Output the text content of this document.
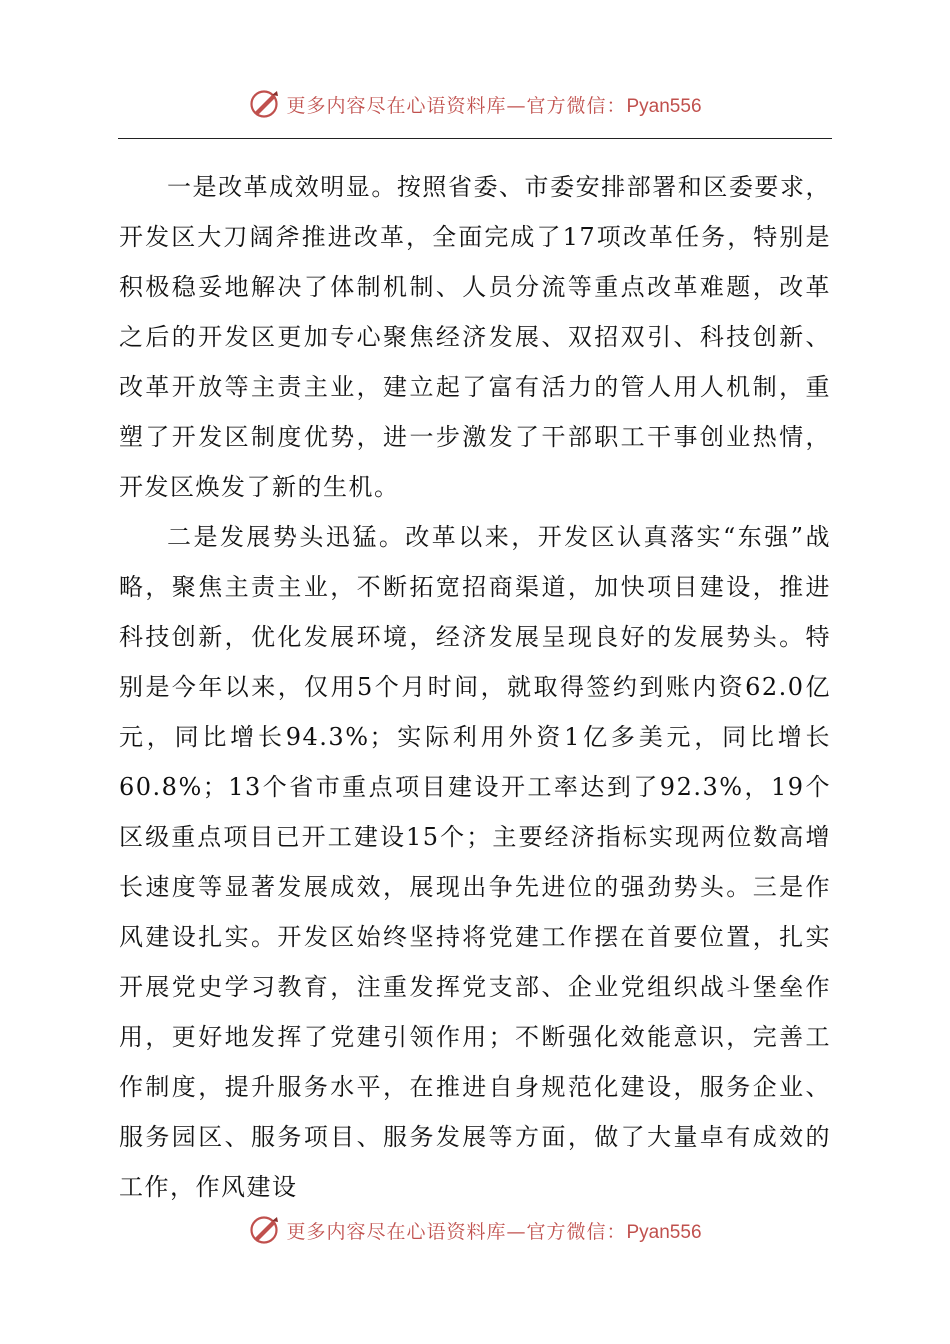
更多内容尽在心语资料库—官方微信：Pyan556

一是改革成效明显。按照省委、市委安排部署和区委要求，开发区大刀阔斧推进改革，全面完成了17项改革任务，特别是积极稳妥地解决了体制机制、人员分流等重点改革难题，改革之后的开发区更加专心聚焦经济发展、双招双引、科技创新、改革开放等主责主业，建立起了富有活力的管人用人机制，重塑了开发区制度优势，进一步激发了干部职工干事创业热情，开发区焕发了新的生机。

二是发展势头迅猛。改革以来，开发区认真落实“东强”战略，聚焦主责主业，不断拓宽招商渠道，加快项目建设，推进科技创新，优化发展环境，经济发展呈现良好的发展势头。特别是今年以来，仅用5个月时间，就取得签约到账内资62.0亿元，同比增长94.3%；实际利用外资1亿多美元，同比增长60.8%；13个省市重点项目建设开工率达到了92.3%，19个区级重点项目已开工建设15个；主要经济指标实现两位数高增长速度等显著发展成效，展现出争先进位的强劲势头。三是作风建设扎实。开发区始终坚持将党建工作摆在首要位置，扎实开展党史学习教育，注重发挥党支部、企业党组织战斗堡垒作用，更好地发挥了党建引领作用；不断强化效能意识，完善工作制度，提升服务水平，在推进自身规范化建设，服务企业、服务园区、服务项目、服务发展等方面，做了大量卓有成效的工作，作风建设

更多内容尽在心语资料库—官方微信：Pyan556
